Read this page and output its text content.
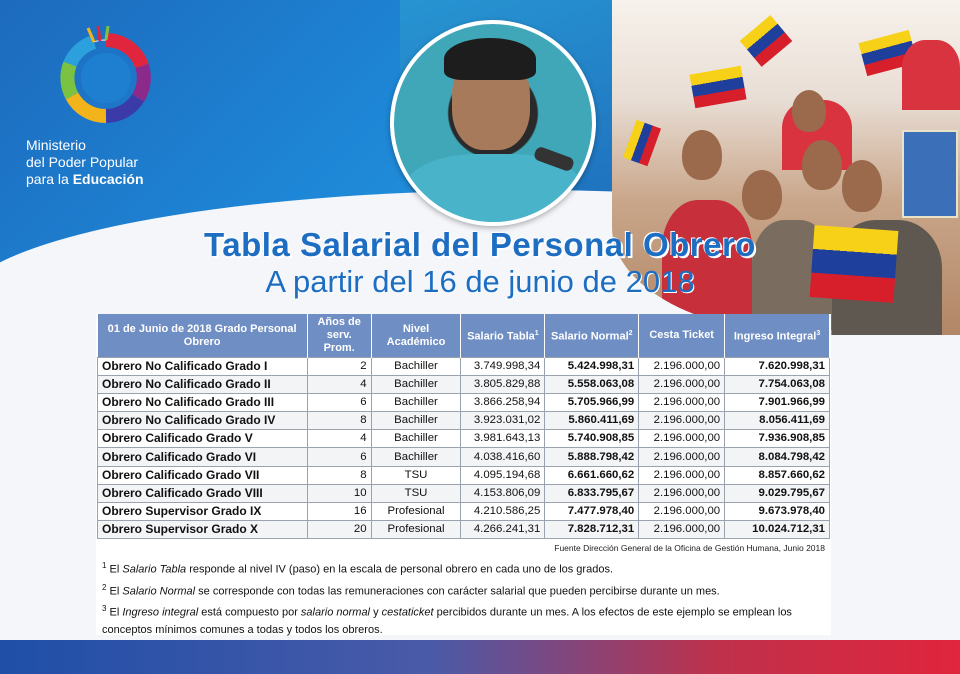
Ministerio
del Poder Popular
para la Educación
Tabla Salarial del Personal Obrero
A partir del 16 de junio de 2018
01 de Junio de 2018 Grado Personal Obrero	Años de serv. Prom.	Nivel Académico	Salario Tabla$^1$	Salario Normal$^2$	Cesta Ticket	Ingreso Integral$^3$
Obrero No Calificado Grado I	2	Bachiller	3.749.998,34	5.424.998,31	2.196.000,00	7.620.998,31
Obrero No Calificado Grado II	4	Bachiller	3.805.829,88	5.558.063,08	2.196.000,00	7.754.063,08
Obrero No Calificado Grado III	6	Bachiller	3.866.258,94	5.705.966,99	2.196.000,00	7.901.966,99
Obrero No Calificado Grado IV	8	Bachiller	3.923.031,02	5.860.411,69	2.196.000,00	8.056.411,69
Obrero Calificado Grado V	4	Bachiller	3.981.643,13	5.740.908,85	2.196.000,00	7.936.908,85
Obrero Calificado Grado VI	6	Bachiller	4.038.416,60	5.888.798,42	2.196.000,00	8.084.798,42
Obrero Calificado Grado VII	8	TSU	4.095.194,68	6.661.660,62	2.196.000,00	8.857.660,62
Obrero Calificado Grado VIII	10	TSU	4.153.806,09	6.833.795,67	2.196.000,00	9.029.795,67
Obrero Supervisor Grado IX	16	Profesional	4.210.586,25	7.477.978,40	2.196.000,00	9.673.978,40
Obrero Supervisor Grado X	20	Profesional	4.266.241,31	7.828.712,31	2.196.000,00	10.024.712,31
Fuente Dirección General de la Oficina de Gestión Humana, Junio 2018

$^1$ El Salario Tabla responde al nivel IV (paso) en la escala de personal obrero en cada uno de los grados.

$^2$ El Salario Normal se corresponde con todas las remuneraciones con carácter salarial que pueden percibirse durante un mes.

$^3$ El Ingreso integral está compuesto por salario normal y cestaticket percibidos durante un mes. A los efectos de este ejemplo se emplean los conceptos mínimos comunes a todas y todos los obreros.
